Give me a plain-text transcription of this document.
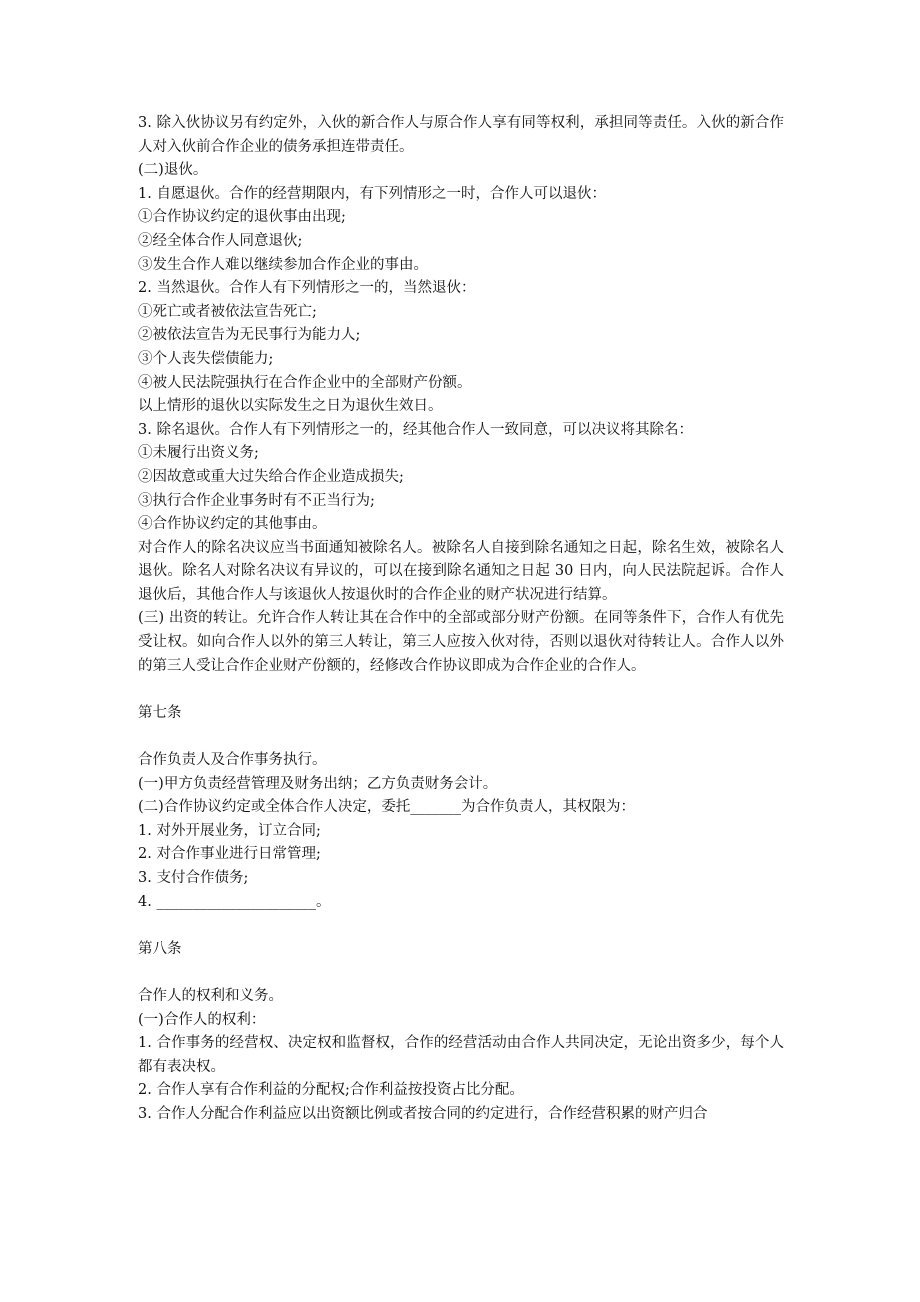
3. 除入伙协议另有约定外，入伙的新合作人与原合作人享有同等权利，承担同等责任。入伙的新合作人对入伙前合作企业的债务承担连带责任。

(二)退伙。

1. 自愿退伙。合作的经营期限内，有下列情形之一时，合作人可以退伙：

①合作协议约定的退伙事由出现;

②经全体合作人同意退伙;

③发生合作人难以继续参加合作企业的事由。

2. 当然退伙。合作人有下列情形之一的，当然退伙：

①死亡或者被依法宣告死亡;

②被依法宣告为无民事行为能力人;

③个人丧失偿债能力;

④被人民法院强执行在合作企业中的全部财产份额。

以上情形的退伙以实际发生之日为退伙生效日。

3. 除名退伙。合作人有下列情形之一的，经其他合作人一致同意，可以决议将其除名：

①未履行出资义务;

②因故意或重大过失给合作企业造成损失;

③执行合作企业事务时有不正当行为;

④合作协议约定的其他事由。

对合作人的除名决议应当书面通知被除名人。被除名人自接到除名通知之日起，除名生效，被除名人退伙。除名人对除名决议有异议的，可以在接到除名通知之日起 30 日内，向人民法院起诉。合作人退伙后，其他合作人与该退伙人按退伙时的合作企业的财产状况进行结算。

(三) 出资的转让。允许合作人转让其在合作中的全部或部分财产份额。在同等条件下，合作人有优先受让权。如向合作人以外的第三人转让，第三人应按入伙对待，否则以退伙对待转让人。合作人以外的第三人受让合作企业财产份额的，经修改合作协议即成为合作企业的合作人。

第七条

合作负责人及合作事务执行。

(一)甲方负责经营管理及财务出纳；乙方负责财务会计。

(二)合作协议约定或全体合作人决定，委托_______为合作负责人，其权限为：

1. 对外开展业务，订立合同;

2. 对合作事业进行日常管理;

3. 支付合作债务;

4. ______________________。

第八条

合作人的权利和义务。

(一)合作人的权利：

1. 合作事务的经营权、决定权和监督权，合作的经营活动由合作人共同决定，无论出资多少，每个人都有表决权。

2. 合作人享有合作利益的分配权;合作利益按投资占比分配。

3. 合作人分配合作利益应以出资额比例或者按合同的约定进行，合作经营积累的财产归合
